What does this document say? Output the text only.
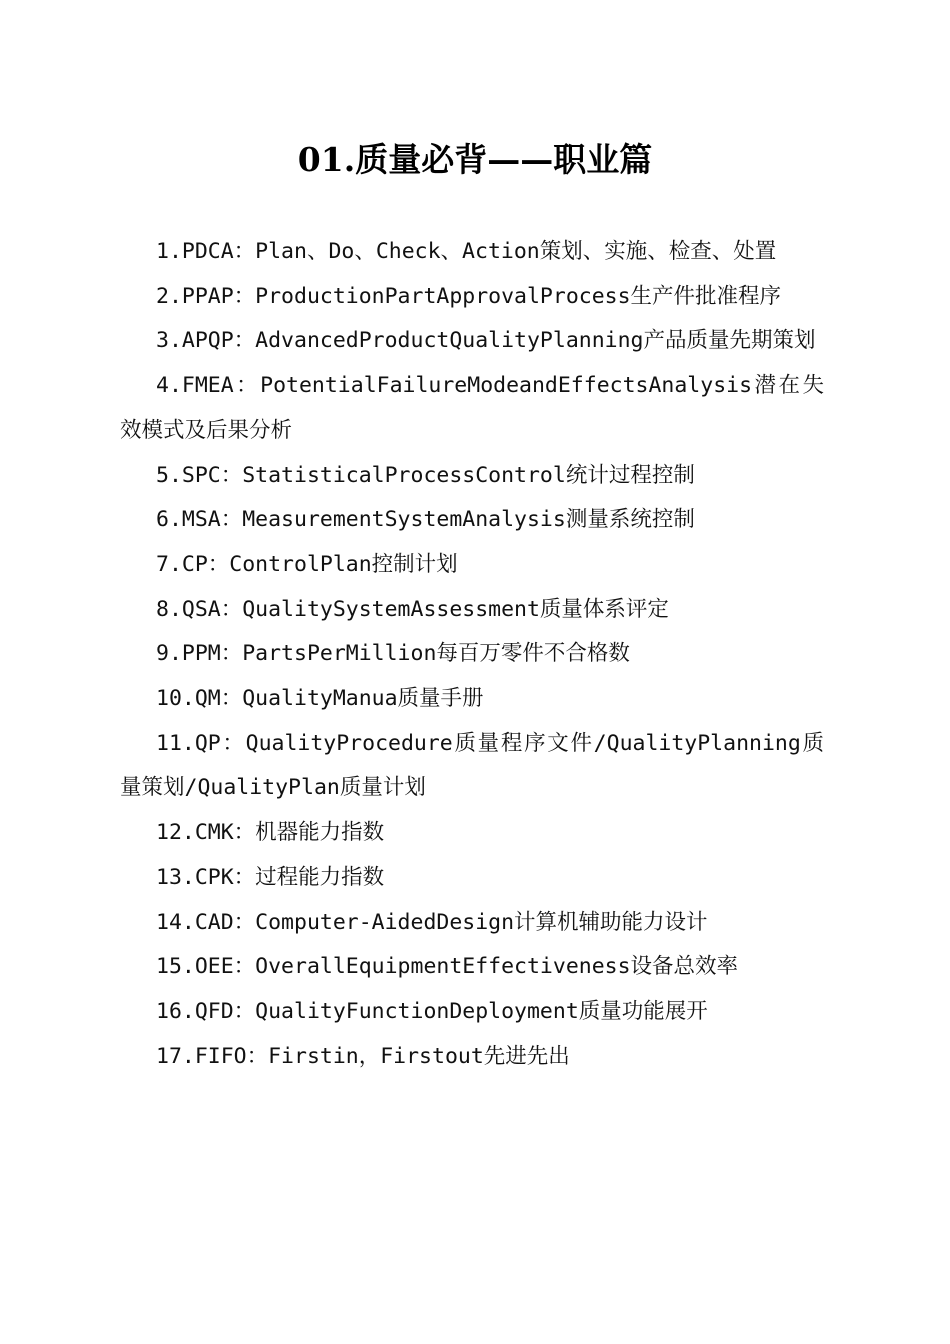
01.质量必背——职业篇

1.PDCA：Plan、Do、Check、Action策划、实施、检查、处置

2.PPAP：ProductionPartApprovalProcess生产件批准程序

3.APQP：AdvancedProductQualityPlanning产品质量先期策划

4.FMEA：PotentialFailureModeandEffectsAnalysis潜在失效模式及后果分析

5.SPC：StatisticalProcessControl统计过程控制

6.MSA：MeasurementSystemAnalysis测量系统控制

7.CP：ControlPlan控制计划

8.QSA：QualitySystemAssessment质量体系评定

9.PPM：PartsPerMillion每百万零件不合格数

10.QM：QualityManua质量手册

11.QP：QualityProcedure质量程序文件/QualityPlanning质量策划/QualityPlan质量计划

12.CMK：机器能力指数

13.CPK：过程能力指数

14.CAD：Computer-AidedDesign计算机辅助能力设计

15.OEE：OverallEquipmentEffectiveness设备总效率

16.QFD：QualityFunctionDeployment质量功能展开

17.FIFO：Firstin，Firstout先进先出
